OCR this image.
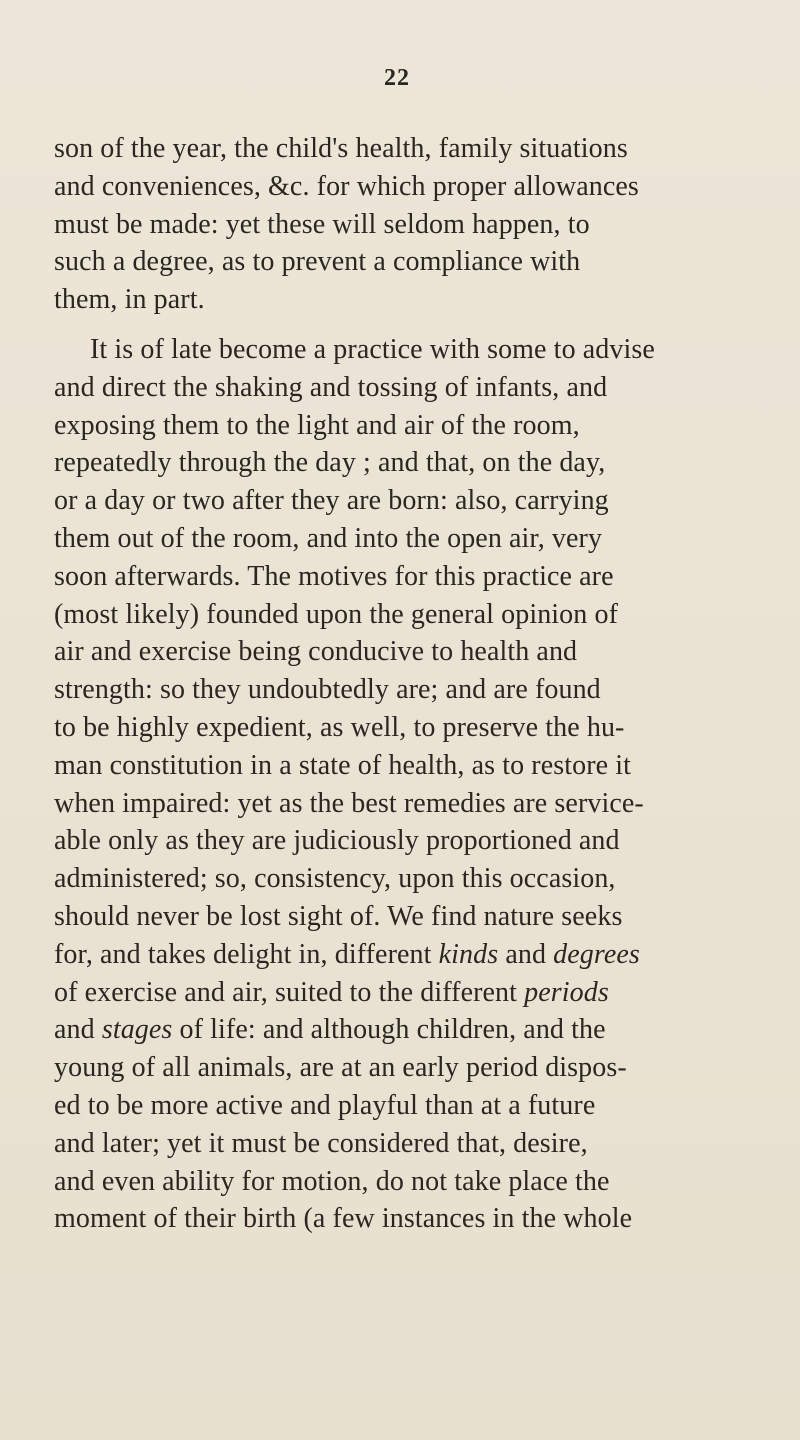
22
son of the year, the child's health, family situations
and conveniences, &c. for which proper allowances
must be made: yet these will seldom happen, to
such a degree, as to prevent a compliance with
them, in part.
It is of late become a practice with some to advise
and direct the shaking and tossing of infants, and
exposing them to the light and air of the room,
repeatedly through the day ; and that, on the day,
or a day or two after they are born: also, carrying
them out of the room, and into the open air, very
soon afterwards. The motives for this practice are
(most likely) founded upon the general opinion of
air and exercise being conducive to health and
strength: so they undoubtedly are; and are found
to be highly expedient, as well, to preserve the hu-
man constitution in a state of health, as to restore it
when impaired: yet as the best remedies are service-
able only as they are judiciously proportioned and
administered; so, consistency, upon this occasion,
should never be lost sight of. We find nature seeks
for, and takes delight in, different kinds and degrees
of exercise and air, suited to the different periods
and stages of life: and although children, and the
young of all animals, are at an early period dispos-
ed to be more active and playful than at a future
and later; yet it must be considered that, desire,
and even ability for motion, do not take place the
moment of their birth (a few instances in the whole
